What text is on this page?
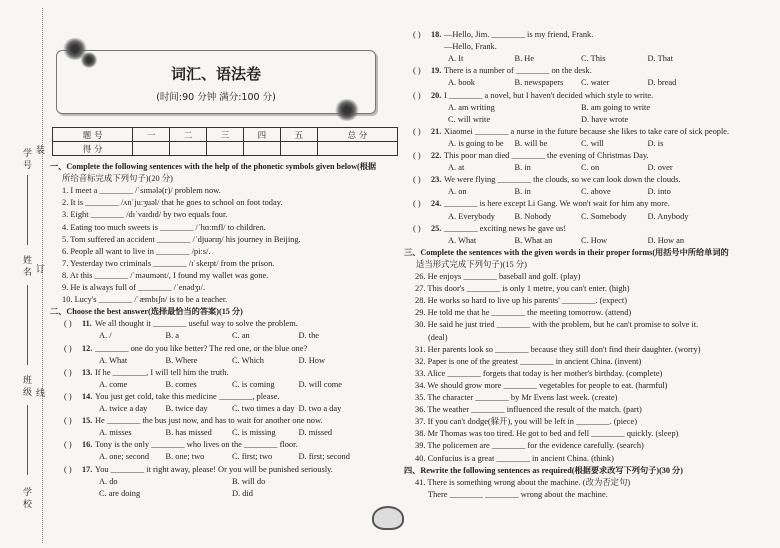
学号
姓名
班级
学校
装
订
线
词汇、语法卷
(时间:90 分钟 满分:100 分)
题 号	一	二	三	四	五	总 分
得 分						
一、Complete the following sentences with the help of the phonetic symbols given below(根据
所给音标完成下列句子)(20 分)
1. I meet a ________ /ˈsɪmələ(r)/ problem now.
2. It is ________ /ʌnˈjuːʒuəl/ that he goes to school on foot today.
3. Eight ________ /dɪˈvaɪdɪd/ by two equals four.
4. Eating too much sweets is ________ /ˈhɑːmfl/ to children.
5. Tom suffered an accident ________ /ˈdjuərɪŋ/ his journey in Beijing.
6. People all want to live in ________ /piːs/.
7. Yesterday two criminals ________ /ɪˈskeɪpt/ from the prison.
8. At this ________ /ˈməumənt/, I found my wallet was gone.
9. He is always full of ________ /ˈenədʒɪ/.
10. Lucy's ________ /ˈæmbɪʃn/ is to be a teacher.
二、Choose the best answer(选择最恰当的答案)(15 分)
( ) 11. We all thought it ________ useful way to solve the problem.
A. /	B. a	C. an	D. the
( ) 12. ________ one do you like better? The red one, or the blue one?
A. What	B. Where	C. Which	D. How
( ) 13. If he ________, I will tell him the truth.
A. come	B. comes	C. is coming	D. will come
( ) 14. You just get cold, take this medicine ________, please.
A. twice a day B. twice day	C. two times a day D. two a day
( ) 15. He ________ the bus just now, and has to wait for another one now.
A. misses	B. has missed C. is missing	D. missed
( ) 16. Tony is the only ________ who lives on the ________ floor.
A. one; second B. one; two	C. first; two	D. first; second
( ) 17. You ________ it right away, please! Or you will be punished seriously.
A. do	B. will do
C. are doing	D. did
( ) 18. —Hello, Jim. ________ is my friend, Frank.
—Hello, Frank.
A. It	B. He	C. This	D. That
( ) 19. There is a number of ________ on the desk.
A. book	B. newspapers C. water	D. bread
( ) 20. I ________ a novel, but I haven't decided which style to write.
A. am writing	B. am going to write
C. will write	D. have wrote
( ) 21. Xiaomei ________ a nurse in the future because she likes to take care of sick people.
A. is going to be B. will be	C. will	D. is
( ) 22. This poor man died ________ the evening of Christmas Day.
A. at	B. in	C. on	D. over
( ) 23. We were flying ________ the clouds, so we can look down the clouds.
A. on	B. in	C. above	D. into
( ) 24. ________ is here except Li Gang. We won't wait for him any more.
A. Everybody B. Nobody	C. Somebody D. Anybody
( ) 25. ________ exciting news he gave us!
A. What	B. What an	C. How	D. How an
三、Complete the sentences with the given words in their proper forms(用括号中所给单词的
适当形式完成下列句子)(15 分)
26. He enjoys ________ baseball and golf. (play)
27. This door's ________ is only 1 metre, you can't enter. (high)
28. He works so hard to live up his parents' ________. (expect)
29. He told me that he ________ the meeting tomorrow. (attend)
30. He said he just tried ________ with the problem, but he can't promise to solve it.
(deal)
31. Her parents look so ________ because they still don't find their daughter. (worry)
32. Paper is one of the greatest ________ in ancient China. (invent)
33. Alice ________ forgets that today is her mother's birthday. (complete)
34. We should grow more ________ vegetables for people to eat. (harmful)
35. The character ________ by Mr Evens last week. (create)
36. The weather ________ influenced the result of the match. (part)
37. If you can't dodge(躲开), you will be left in ________. (piece)
38. Mr Thomas was too tired. He got to bed and fell ________ quickly. (sleep)
39. The policemen are ________ for the evidence carefully. (search)
40. Confucius is a great ________ in ancient China. (think)
四、Rewrite the following sentences as required(根据要求改写下列句子)(30 分)
41. There is something wrong about the machine. (改为否定句)
There ________ ________ wrong about the machine.
